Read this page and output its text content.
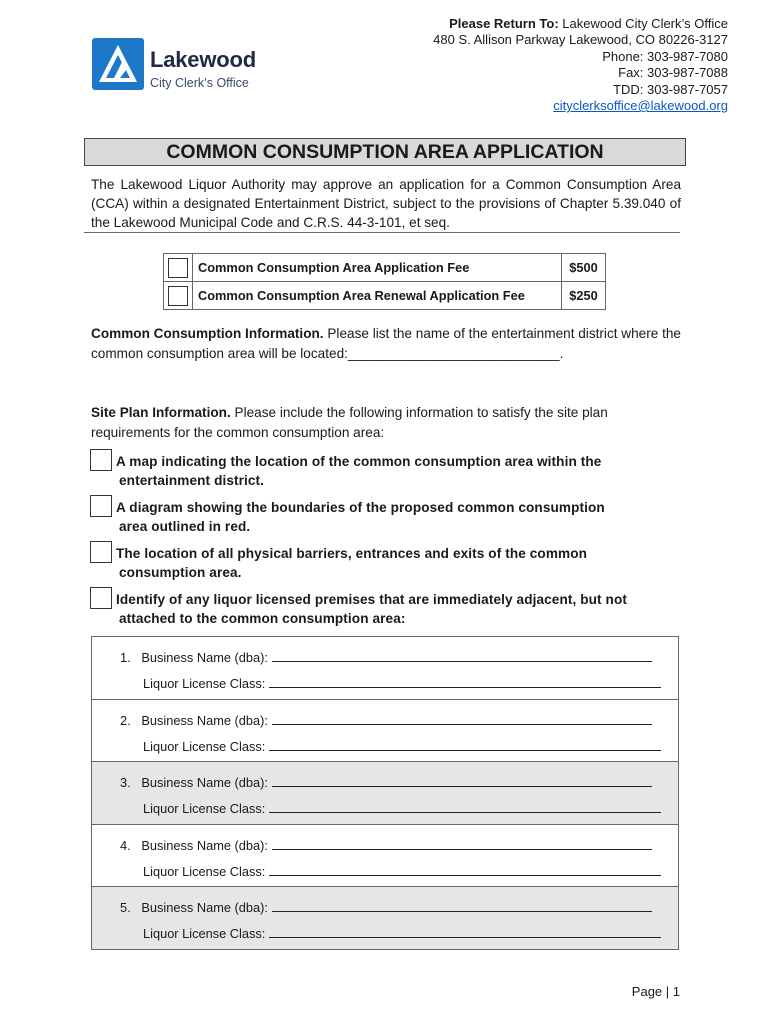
Lakewood
City Clerk’s Office
Please Return To: Lakewood City Clerk’s Office
480 S. Allison Parkway Lakewood, CO 80226-3127
Phone: 303-987-7080
Fax: 303-987-7088
TDD: 303-987-7057
cityclerksoffice@lakewood.org
COMMON CONSUMPTION AREA APPLICATION
The Lakewood Liquor Authority may approve an application for a Common Consumption Area (CCA) within a designated Entertainment District, subject to the provisions of Chapter 5.39.040 of the Lakewood Municipal Code and C.R.S. 44-3-101, et seq.
	Common Consumption Area Application Fee	$500
	Common Consumption Area Renewal Application Fee	$250
Common Consumption Information. Please list the name of the entertainment district where the common consumption area will be located:____________________________.
Site Plan Information. Please include the following information to satisfy the site plan requirements for the common consumption area:
A map indicating the location of the common consumption area within the
entertainment district.
A diagram showing the boundaries of the proposed common consumption
area outlined in red.
The location of all physical barriers, entrances and exits of the common
consumption area.
Identify of any liquor licensed premises that are immediately adjacent, but not
attached to the common consumption area:
1. Business Name (dba):
Liquor License Class:
2. Business Name (dba):
Liquor License Class:
3. Business Name (dba):
Liquor License Class:
4. Business Name (dba):
Liquor License Class:
5. Business Name (dba):
Liquor License Class:
Page | 1
